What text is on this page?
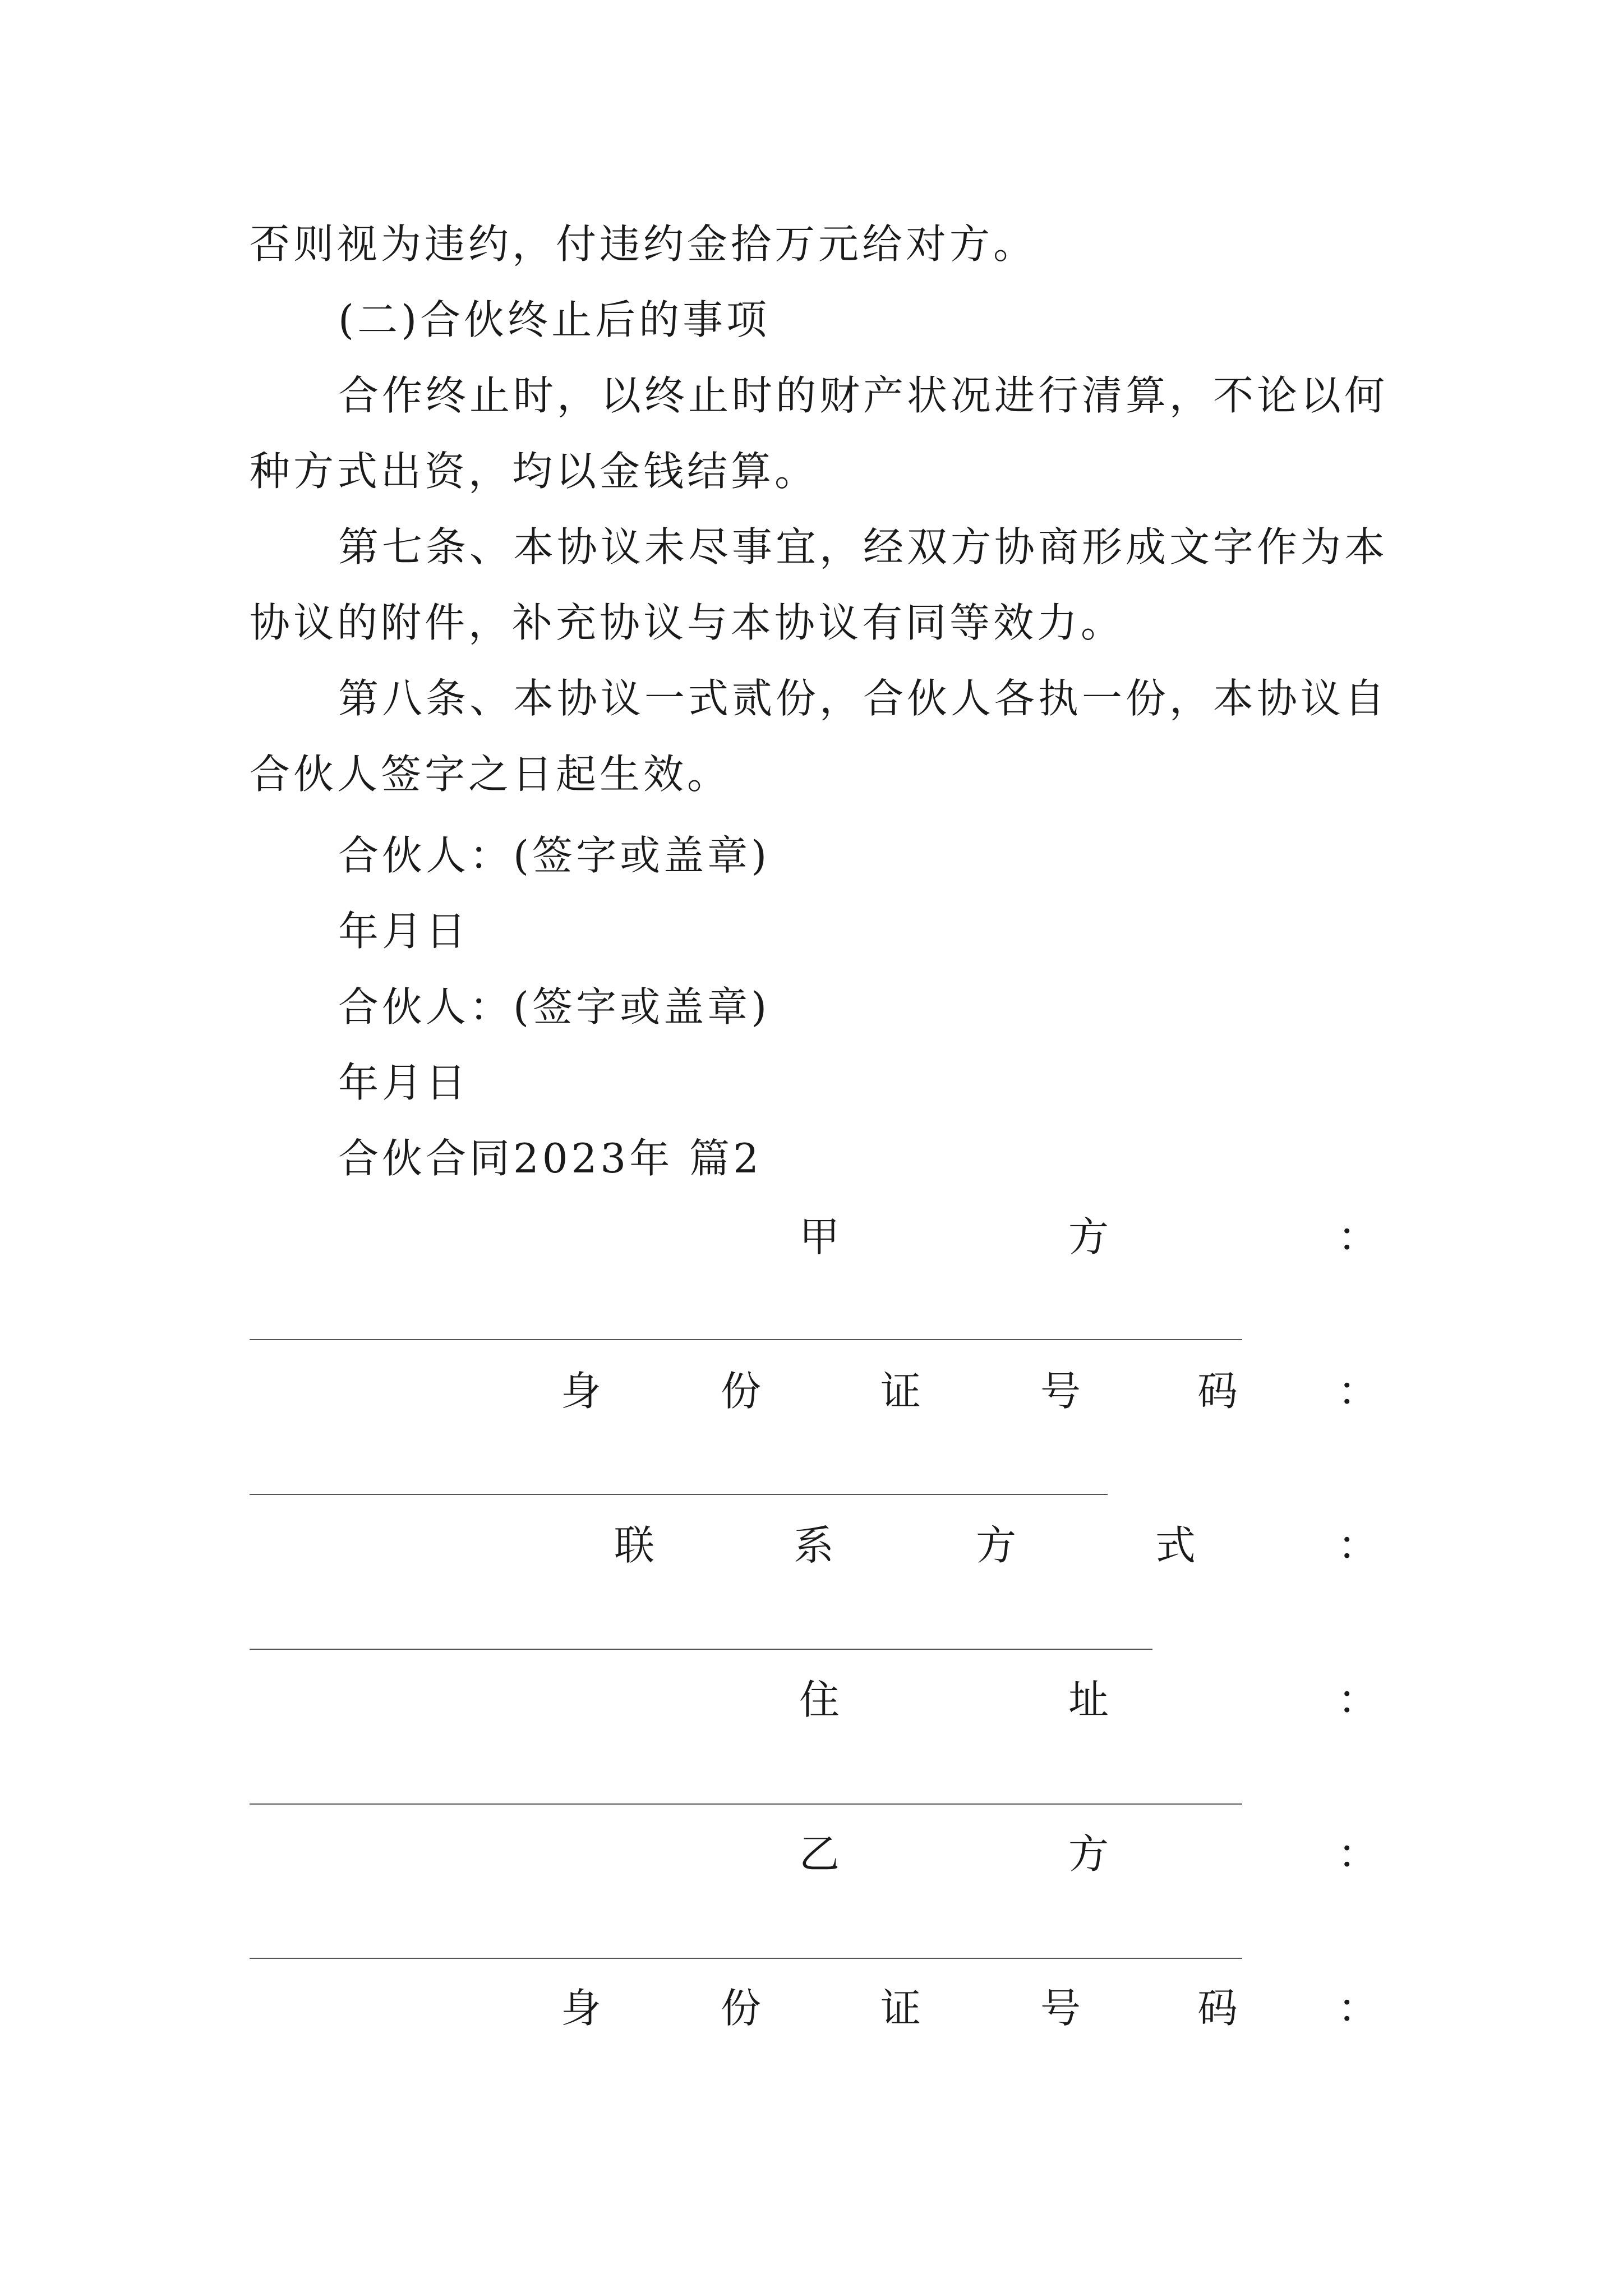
否则视为违约，付违约金拾万元给对方。
(二)合伙终止后的事项
合作终止时，以终止时的财产状况进行清算，不论以何
种方式出资，均以金钱结算。
第七条、本协议未尽事宜，经双方协商形成文字作为本
协议的附件，补充协议与本协议有同等效力。
第八条、本协议一式贰份，合伙人各执一份，本协议自
合伙人签字之日起生效。
合伙人：(签字或盖章)
年月日
合伙人：(签字或盖章)
年月日
合伙合同2023年 篇2
甲	方	：
身	份	证	号	码 ：
联	系	方	式	：
住	址	：
乙	方	：
身	份	证	号	码 ：
